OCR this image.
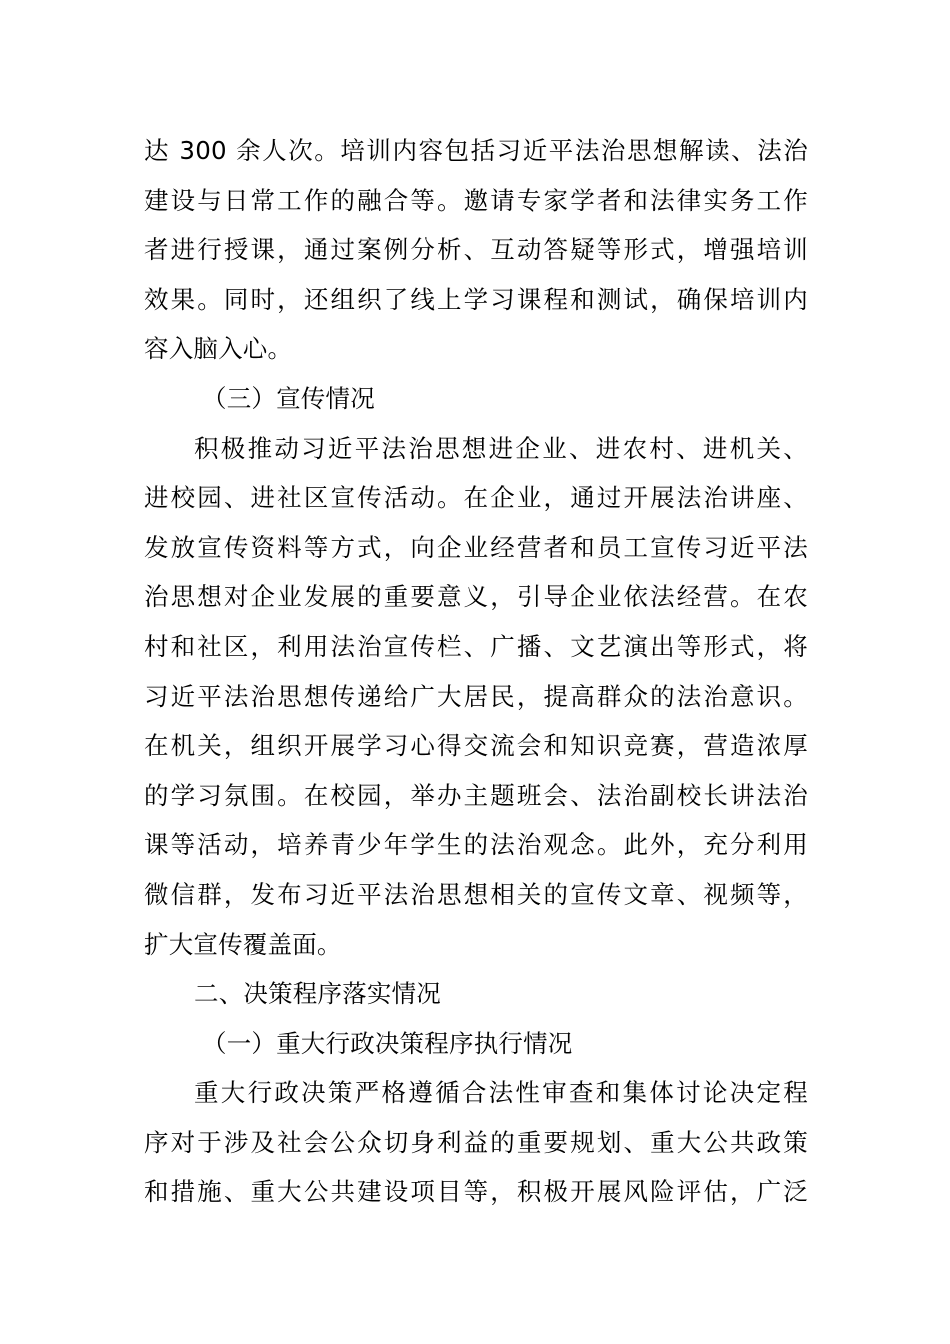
达 300 余人次。培训内容包括习近平法治思想解读、法治
建设与日常工作的融合等。邀请专家学者和法律实务工作
者进行授课，通过案例分析、互动答疑等形式，增强培训
效果。同时，还组织了线上学习课程和测试，确保培训内
容入脑入心。
（三）宣传情况
积极推动习近平法治思想进企业、进农村、进机关、
进校园、进社区宣传活动。在企业，通过开展法治讲座、
发放宣传资料等方式，向企业经营者和员工宣传习近平法
治思想对企业发展的重要意义，引导企业依法经营。在农
村和社区，利用法治宣传栏、广播、文艺演出等形式，将
习近平法治思想传递给广大居民，提高群众的法治意识。
在机关，组织开展学习心得交流会和知识竞赛，营造浓厚
的学习氛围。在校园，举办主题班会、法治副校长讲法治
课等活动，培养青少年学生的法治观念。此外，充分利用
微信群，发布习近平法治思想相关的宣传文章、视频等，
扩大宣传覆盖面。
二、决策程序落实情况
（一）重大行政决策程序执行情况
重大行政决策严格遵循合法性审查和集体讨论决定程
序对于涉及社会公众切身利益的重要规划、重大公共政策
和措施、重大公共建设项目等，积极开展风险评估，广泛
